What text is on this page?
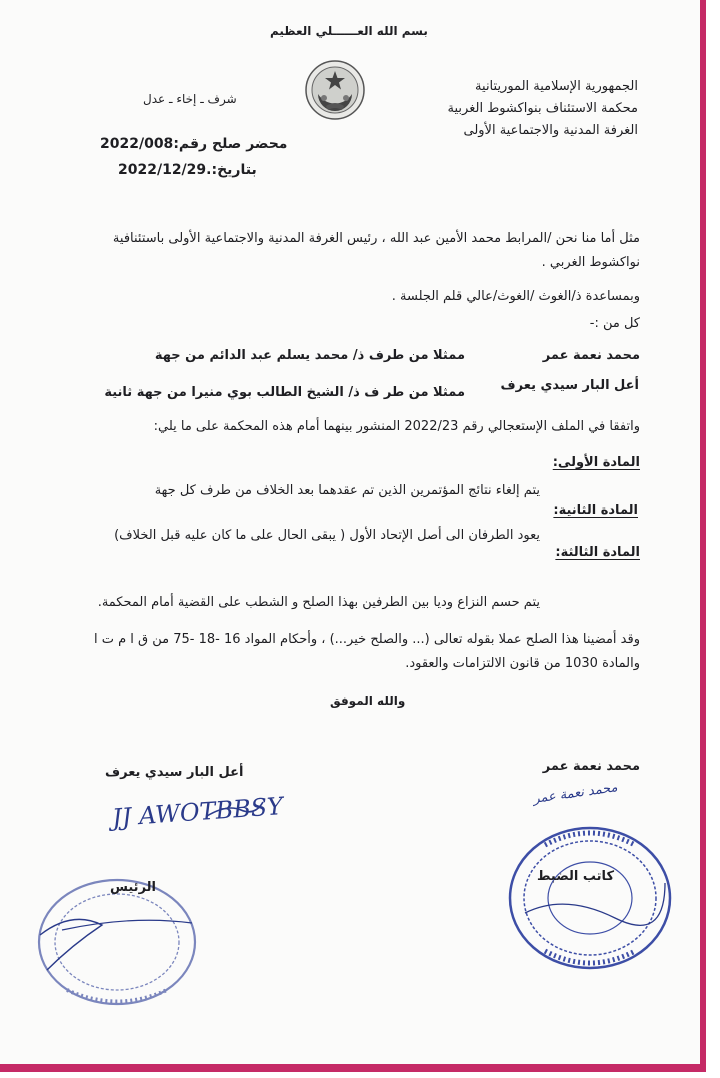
بسم الله العــــــلي العظيم
الجمهورية الإسلامية الموريتانية
محكمة الاستئناف بنواكشوط الغربية
الغرفة المدنية والاجتماعية الأولى
شرف ـ إخاء ـ عدل
محضر صلح رقم:2022/008
بتاريخ:.2022/12/29
مثل أما منا نحن /المرابط محمد الأمين عبد الله ، رئيس الغرفة المدنية والاجتماعية الأولى باستئنافية نواكشوط الغربي .
وبمساعدة ذ/الغوث /الغوث/عالي قلم الجلسة .
كل من :-
محمد نعمة عمر
ممثلا من طرف ذ/ محمد يسلم عبد الدائم من جهة
أعل البار سيدي يعرف
ممثلا من طر ف ذ/ الشيخ الطالب بوي منيرا من جهة ثانية
واتفقا في الملف الإستعجالي رقم 2022/23 المنشور بينهما أمام هذه المحكمة على ما يلي:
المادة الأولى:
يتم إلغاء نتائج المؤتمرين الذين تم عقدهما بعد الخلاف من طرف كل جهة
المادة الثانية:
يعود الطرفان الى أصل الإتحاد الأول ( يبقى الحال على ما كان عليه قبل الخلاف)
المادة الثالثة:
يتم حسم النزاع وديا بين الطرفين بهذا الصلح و الشطب على القضية أمام المحكمة.
وقد أمضينا هذا الصلح عملا بقوله تعالى (... والصلح خير...) ، وأحكام المواد 16 -18 -75 من ق ا م ت ا والمادة 1030 من قانون الالتزامات والعقود.
والله الموفق
محمد نعمة عمر
محمد نعمة عمر
أعل البار سيدي يعرف
JJ AWOTBBSY
كاتب الضبط
الرئيس
